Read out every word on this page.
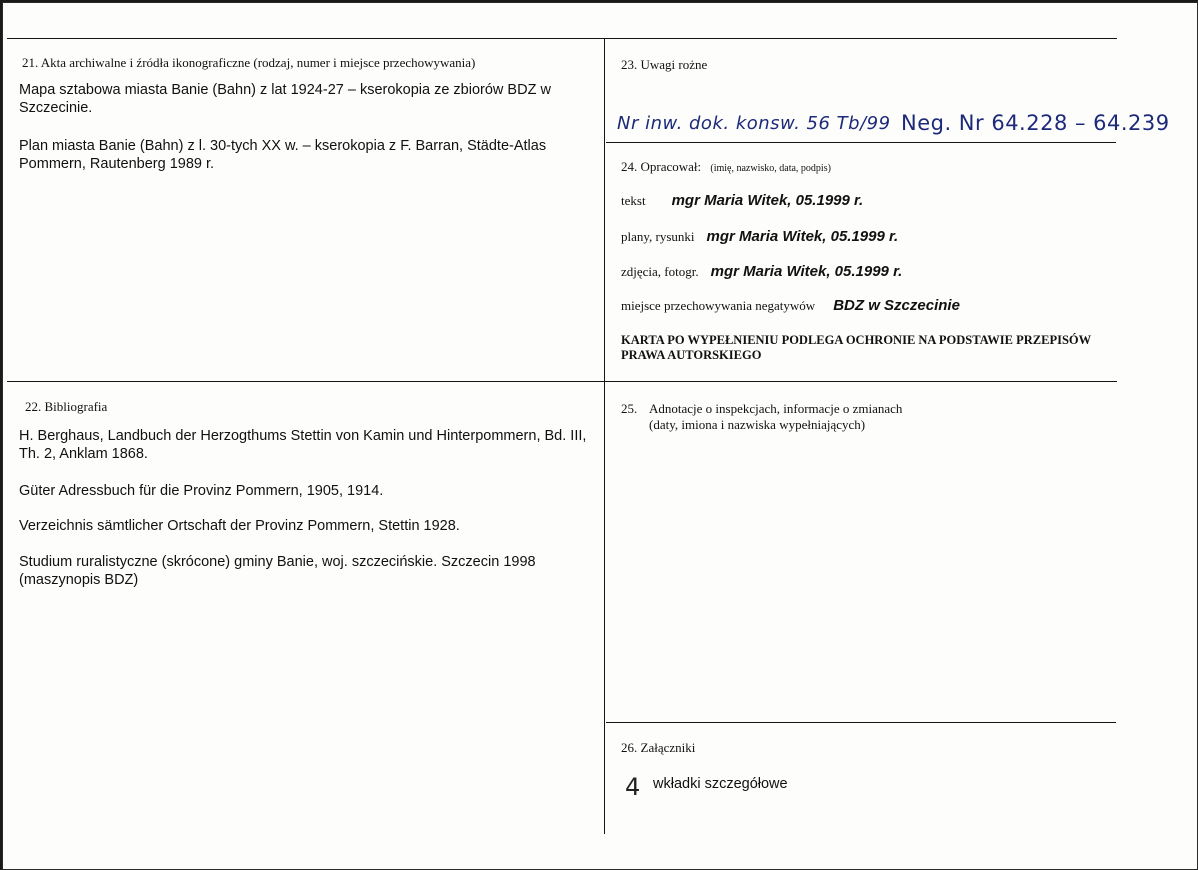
21. Akta archiwalne i źródła ikonograficzne (rodzaj, numer i miejsce przechowywania)
Mapa sztabowa miasta Banie (Bahn) z lat 1924-27 – kserokopia ze zbiorów BDZ w Szczecinie.
Plan miasta Banie (Bahn) z l. 30-tych XX w. – kserokopia z F. Barran, Städte-Atlas Pommern, Rautenberg 1989 r.
22. Bibliografia
H. Berghaus, Landbuch der Herzogthums Stettin von Kamin und Hinterpommern, Bd. III, Th. 2, Anklam 1868.
Güter Adressbuch für die Provinz Pommern, 1905, 1914.
Verzeichnis sämtlicher Ortschaft der Provinz Pommern, Stettin 1928.
Studium ruralistyczne (skrócone) gminy Banie, woj. szczecińskie. Szczecin 1998 (maszynopis BDZ)
23. Uwagi rożne
Nr inw. dok. konsw. 56 Tb/99 Neg. Nr 64.228 – 64.239
24. Opracował: (imię, nazwisko, data, podpis)
tekst mgr Maria Witek, 05.1999 r.
plany, rysunki mgr Maria Witek, 05.1999 r.
zdjęcia, fotogr. mgr Maria Witek, 05.1999 r.
miejsce przechowywania negatywów BDZ w Szczecinie
KARTA PO WYPEŁNIENIU PODLEGA OCHRONIE NA PODSTAWIE PRZEPISÓW PRAWA AUTORSKIEGO
25. Adnotacje o inspekcjach, informacje o zmianach
(daty, imiona i nazwiska wypełniających)
26. Załączniki
4 wkładki szczegółowe
